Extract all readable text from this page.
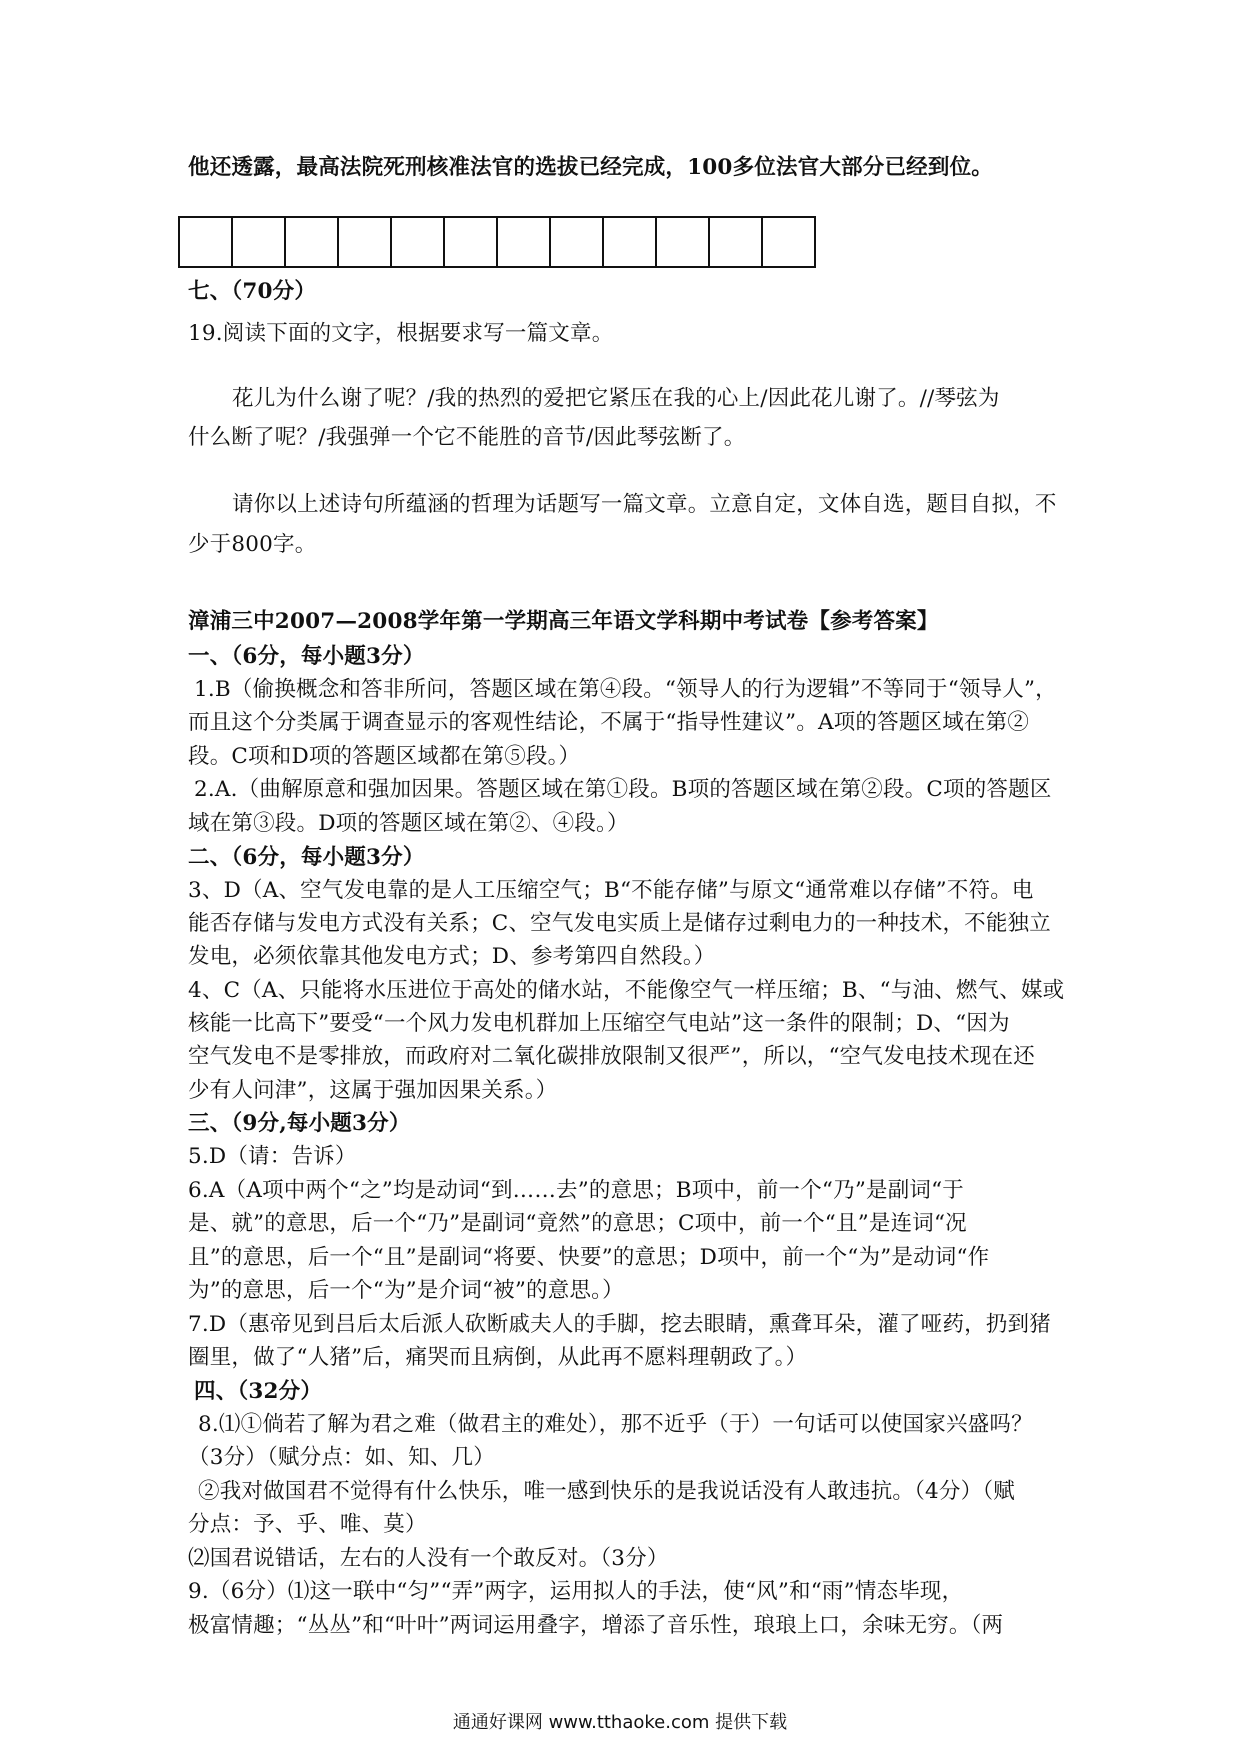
他还透露，最高法院死刑核准法官的选拔已经完成，100多位法官大部分已经到位。
七、（70分）
19.阅读下面的文字，根据要求写一篇文章。
花儿为什么谢了呢？/我的热烈的爱把它紧压在我的心上/因此花儿谢了。//琴弦为
什么断了呢？/我强弹一个它不能胜的音节/因此琴弦断了。
请你以上述诗句所蕴涵的哲理为话题写一篇文章。立意自定，文体自选，题目自拟，不
少于800字。
漳浦三中2007—2008学年第一学期高三年语文学科期中考试卷【参考答案】
一、（6分，每小题3分）
1.B（偷换概念和答非所问，答题区域在第④段。“领导人的行为逻辑”不等同于“领导人”，
而且这个分类属于调查显示的客观性结论，不属于“指导性建议”。A项的答题区域在第②
段。C项和D项的答题区域都在第⑤段。）
2.A.（曲解原意和强加因果。答题区域在第①段。B项的答题区域在第②段。C项的答题区
域在第③段。D项的答题区域在第②、④段。）
二、（6分，每小题3分）
3、D（A、空气发电靠的是人工压缩空气；B“不能存储”与原文“通常难以存储”不符。电
能否存储与发电方式没有关系；C、空气发电实质上是储存过剩电力的一种技术，不能独立
发电，必须依靠其他发电方式；D、参考第四自然段。）
4、C（A、只能将水压进位于高处的储水站，不能像空气一样压缩；B、“与油、燃气、媒或
核能一比高下”要受“一个风力发电机群加上压缩空气电站”这一条件的限制；D、“因为
空气发电不是零排放，而政府对二氧化碳排放限制又很严”，所以，“空气发电技术现在还
少有人问津”，这属于强加因果关系。）
三、（9分,每小题3分）
5.D（请：告诉）
6.A（A项中两个“之”均是动词“到……去”的意思；B项中，前一个“乃”是副词“于
是、就”的意思，后一个“乃”是副词“竟然”的意思；C项中，前一个“且”是连词“况
且”的意思，后一个“且”是副词“将要、快要”的意思；D项中，前一个“为”是动词“作
为”的意思，后一个“为”是介词“被”的意思。）
7.D（惠帝见到吕后太后派人砍断戚夫人的手脚，挖去眼睛，熏聋耳朵，灌了哑药，扔到猪
圈里，做了“人猪”后，痛哭而且病倒，从此再不愿料理朝政了。）
四、（32分）
8.⑴①倘若了解为君之难（做君主的难处），那不近乎（于）一句话可以使国家兴盛吗？
（3分）（赋分点：如、知、几）
②我对做国君不觉得有什么快乐，唯一感到快乐的是我说话没有人敢违抗。（4分）（赋
分点：予、乎、唯、莫）
⑵国君说错话，左右的人没有一个敢反对。（3分）
9.（6分）⑴这一联中“匀”“弄”两字，运用拟人的手法，使“风”和“雨”情态毕现，
极富情趣；“丛丛”和“叶叶”两词运用叠字，增添了音乐性，琅琅上口，余味无穷。（两
通通好课网 www.tthaoke.com 提供下载
